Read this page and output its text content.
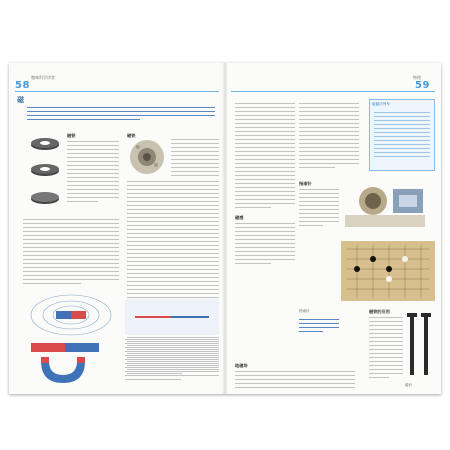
趣味科学讲堂
58
磁
磁铁	磁铁
物理
59
磁感
磁悬浮列车
指南针
指南针
地磁场
磁铁的应用
磁针
